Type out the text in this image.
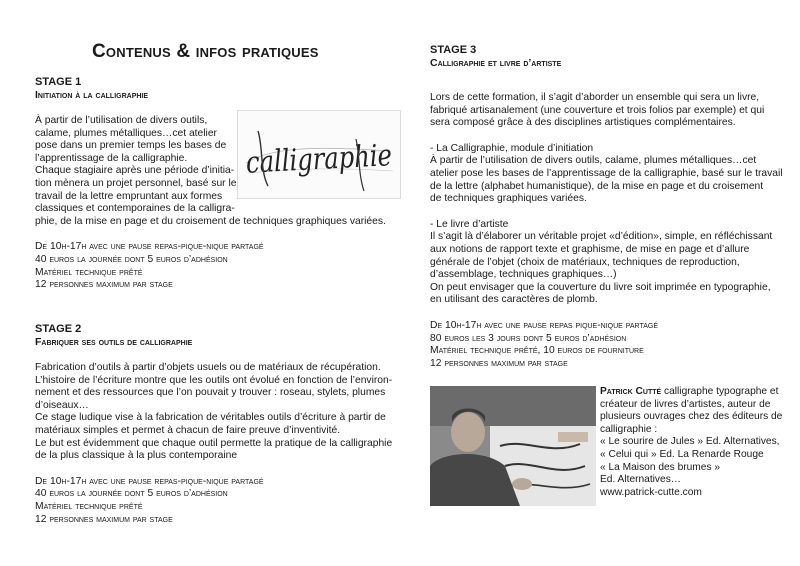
Contenus & infos pratiques
STAGE 1
Initiation à la calligraphie

À partir de l’utilisation de divers outils,
calame, plumes métalliques…cet atelier
pose dans un premier temps les bases de
l’apprentissage de la calligraphie.
Chaque stagiaire après une période d’initia-
tion mènera un projet personnel, basé sur le
travail de la lettre empruntant aux formes
classiques et contemporaines de la calligra-
phie, de la mise en page et du croisement de techniques graphiques variées.

De 10h-17h avec une pause repas-pique-nique partagé
40 euros la journée dont 5 euros d’adhésion
Matériel technique prêté
12 personnes maximum par stage
calligraphie
STAGE 2
Fabriquer ses outils de calligraphie

Fabrication d’outils à partir d’objets usuels ou de matériaux de récupération.
L’histoire de l’écriture montre que les outils ont évolué en fonction de l’environ-
nement et des ressources que l’on pouvait y trouver : roseau, stylets, plumes
d’oiseaux…
Ce stage ludique vise à la fabrication de véritables outils d’écriture à partir de
matériaux simples et permet à chacun de faire preuve d’inventivité.
Le but est évidemment que chaque outil permette la pratique de la calligraphie
de la plus classique à la plus contemporaine

De 10h-17h avec une pause repas-pique-nique partagé
40 euros la journée dont 5 euros d’adhésion
Matériel technique prêté
12 personnes maximum par stage
STAGE 3
Calligraphie et livre d’artiste

Lors de cette formation, il s’agit d’aborder un ensemble qui sera un livre,
fabriqué artisanalement (une couverture et trois folios par exemple) et qui
sera composé grâce à des disciplines artistiques complémentaires.

- La Calligraphie, module d’initiation
À partir de l’utilisation de divers outils, calame, plumes métalliques…cet
atelier pose les bases de l’apprentissage de la calligraphie, basé sur le travail
de la lettre (alphabet humanistique), de la mise en page et du croisement
de techniques graphiques variées.

- Le livre d’artiste
Il s’agit là d’élaborer un véritable projet «d’édition», simple, en réfléchissant
aux notions de rapport texte et graphisme, de mise en page et d’allure
générale de l’objet (choix de matériaux, techniques de reproduction,
d’assemblage, techniques graphiques…)
On peut envisager que la couverture du livre soit imprimée en typographie,
en utilisant des caractères de plomb.

De 10h-17h avec une pause repas pique-nique partagé
80 euros les 3 jours dont 5 euros d’adhésion
Matériel technique prêté, 10 euros de fourniture
12 personnes maximum par stage
Patrick Cutté calligraphe typographe et créateur de livres d’artistes, auteur de plusieurs ouvrages chez des éditeurs de calligraphie :
« Le sourire de Jules » Ed. Alternatives,
« Celui qui » Ed. La Renarde Rouge
« La Maison des brumes »
Ed. Alternatives…
www.patrick-cutte.com
